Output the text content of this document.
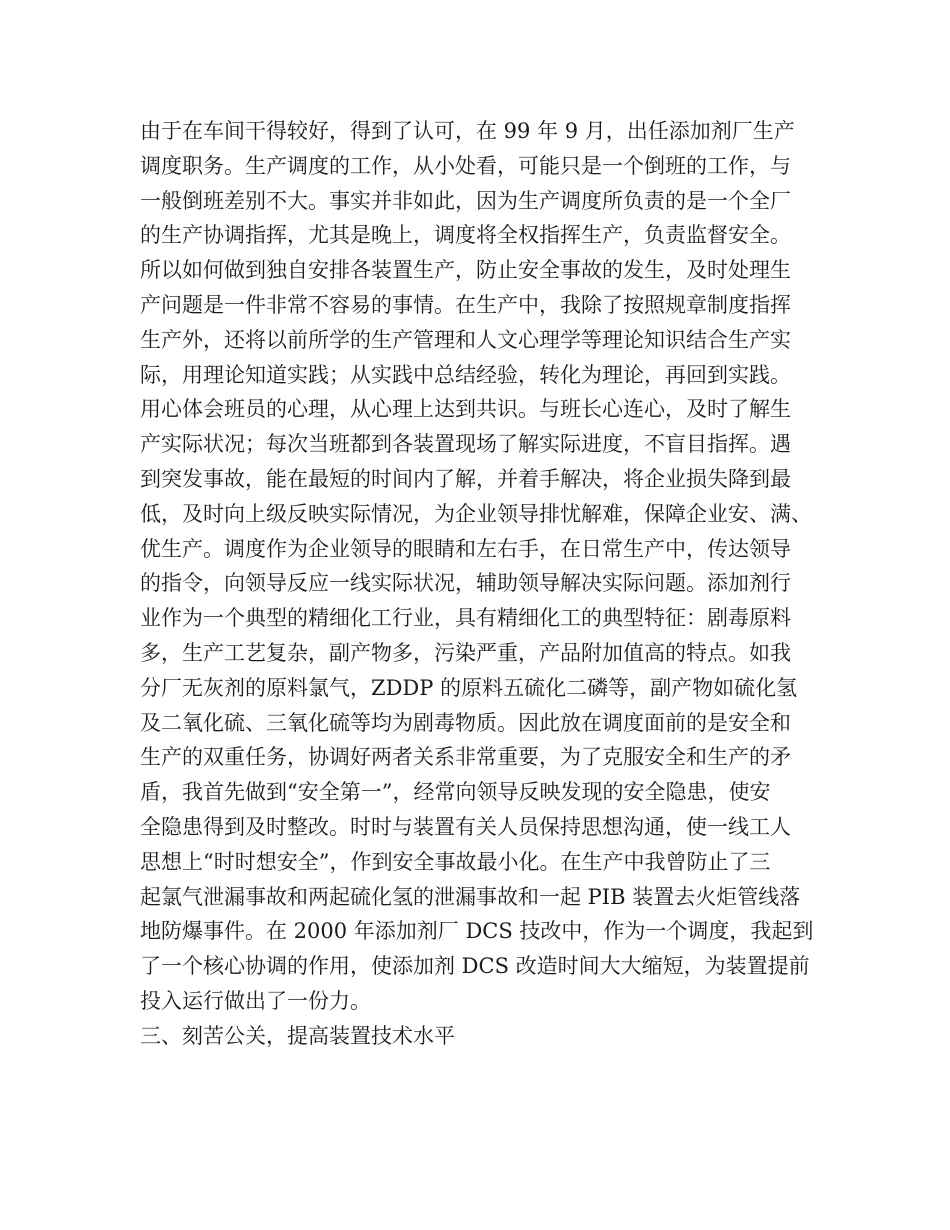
由于在车间干得较好，得到了认可，在 99 年 9 月，出任添加剂厂生产
调度职务。生产调度的工作，从小处看，可能只是一个倒班的工作，与
一般倒班差别不大。事实并非如此，因为生产调度所负责的是一个全厂
的生产协调指挥，尤其是晚上，调度将全权指挥生产，负责监督安全。
所以如何做到独自安排各装置生产，防止安全事故的发生，及时处理生
产问题是一件非常不容易的事情。在生产中，我除了按照规章制度指挥
生产外，还将以前所学的生产管理和人文心理学等理论知识结合生产实
际，用理论知道实践；从实践中总结经验，转化为理论，再回到实践。
用心体会班员的心理，从心理上达到共识。与班长心连心，及时了解生
产实际状况；每次当班都到各装置现场了解实际进度，不盲目指挥。遇
到突发事故，能在最短的时间内了解，并着手解决，将企业损失降到最
低，及时向上级反映实际情况，为企业领导排忧解难，保障企业安、满、
优生产。调度作为企业领导的眼睛和左右手，在日常生产中，传达领导
的指令，向领导反应一线实际状况，辅助领导解决实际问题。添加剂行
业作为一个典型的精细化工行业，具有精细化工的典型特征：剧毒原料
多，生产工艺复杂，副产物多，污染严重，产品附加值高的特点。如我
分厂无灰剂的原料氯气，ZDDP 的原料五硫化二磷等，副产物如硫化氢
及二氧化硫、三氧化硫等均为剧毒物质。因此放在调度面前的是安全和
生产的双重任务，协调好两者关系非常重要，为了克服安全和生产的矛
盾，我首先做到“安全第一”，经常向领导反映发现的安全隐患，使安
全隐患得到及时整改。时时与装置有关人员保持思想沟通，使一线工人
思想上“时时想安全”，作到安全事故最小化。在生产中我曾防止了三
起氯气泄漏事故和两起硫化氢的泄漏事故和一起 PIB 装置去火炬管线落
地防爆事件。在 2000 年添加剂厂 DCS 技改中，作为一个调度，我起到
了一个核心协调的作用，使添加剂 DCS 改造时间大大缩短，为装置提前
投入运行做出了一份力。
三、刻苦公关，提高装置技术水平
